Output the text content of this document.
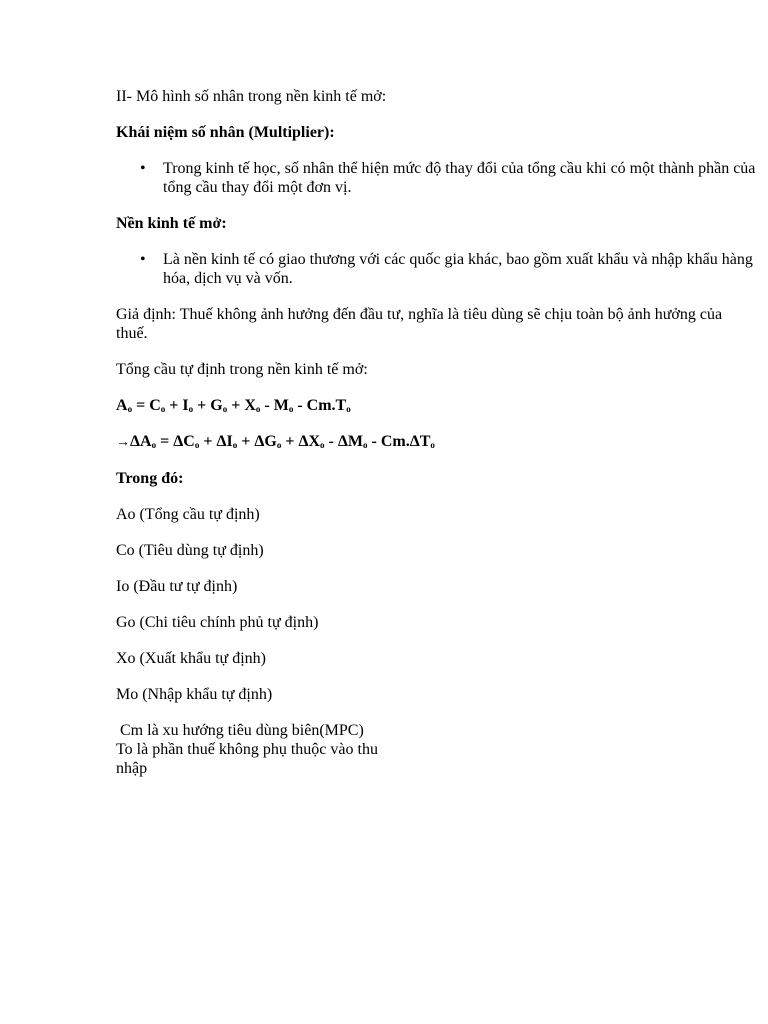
II- Mô hình số nhân trong nền kinh tế mở:

Khái niệm số nhân (Multiplier):

• Trong kinh tế học, số nhân thể hiện mức độ thay đổi của tổng cầu khi có một thành phần của tổng cầu thay đổi một đơn vị.

Nền kinh tế mở:

• Là nền kinh tế có giao thương với các quốc gia khác, bao gồm xuất khẩu và nhập khẩu hàng hóa, dịch vụ và vốn.

Giả định: Thuế không ảnh hưởng đến đầu tư, nghĩa là tiêu dùng sẽ chịu toàn bộ ảnh hưởng của thuế.

Tổng cầu tự định trong nền kinh tế mở:

$A_o = C_o + I_o + G_o + X_o - M_o - Cm.T_o$

$\to\Delta A_o = \Delta C_o + \Delta I_o + \Delta G_o + \Delta X_o - \Delta M_o - Cm.\Delta T_o$

Trong đó:

Ao (Tổng cầu tự định)

Co (Tiêu dùng tự định)

Io (Đầu tư tự định)

Go (Chi tiêu chính phủ tự định)

Xo (Xuất khẩu tự định)

Mo (Nhập khẩu tự định)

Cm là xu hướng tiêu dùng biên(MPC)
To là phần thuế không phụ thuộc vào thu
nhập
